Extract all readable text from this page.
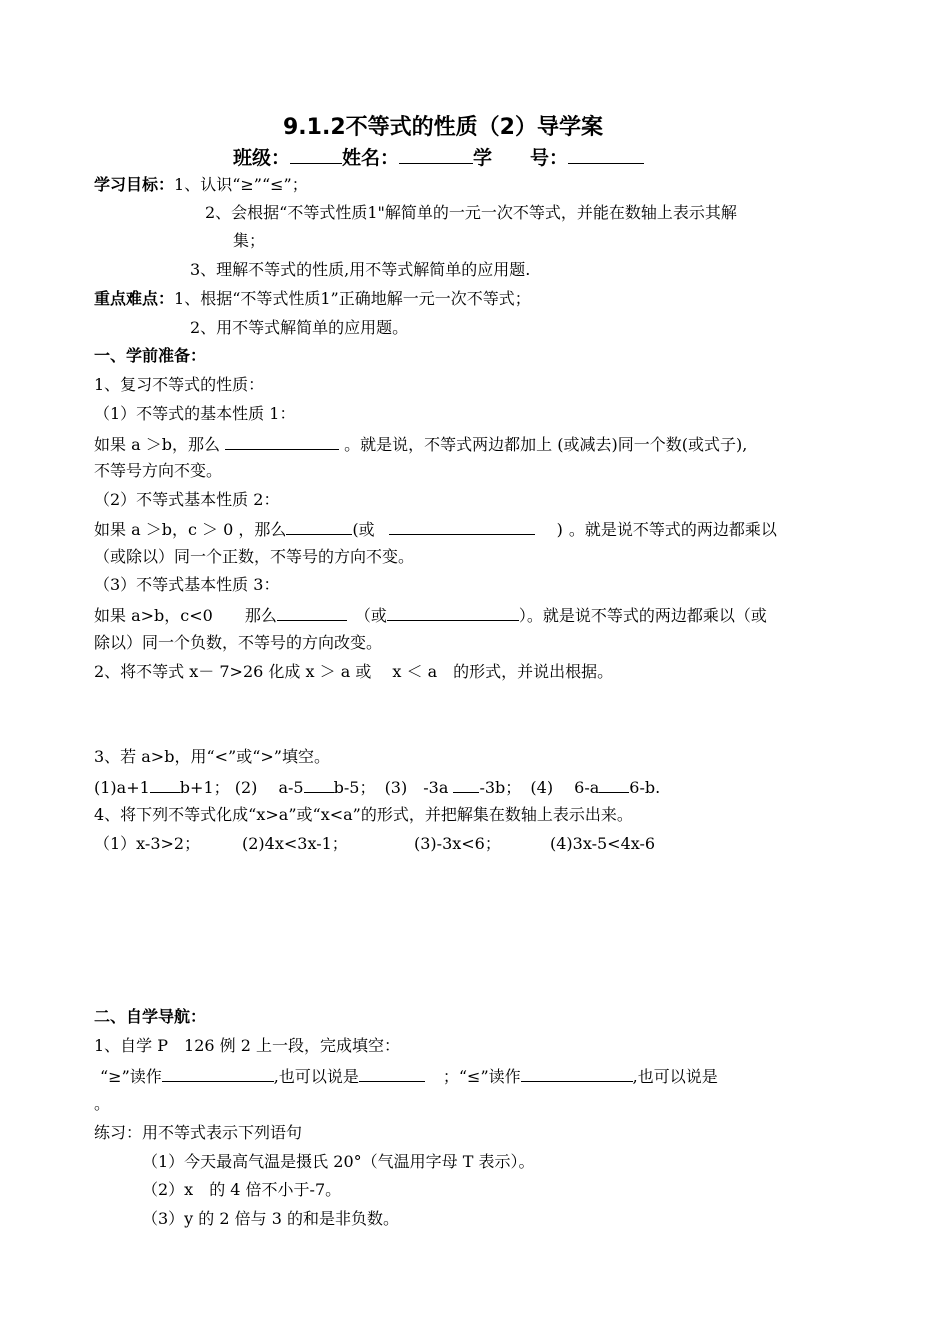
9.1.2不等式的性质（2）导学案
班级：	姓名：	学 号：
学习目标：1、认识“≥”“≤”；
2、会根据“不等式性质1"解简单的一元一次不等式，并能在数轴上表示其解
集；
3、理解不等式的性质,用不等式解简单的应用题.
重点难点：1、根据“不等式性质1”正确地解一元一次不等式；
2、用不等式解简单的应用题。
一、学前准备：
1、复习不等式的性质：
（1）不等式的基本性质 1：
如果 a ＞b，那么	。就是说，不等式两边都加上 (或减去)同一个数(或式子),
不等号方向不变。
（2）不等式基本性质 2：
如果 a ＞b，c ＞ 0 ，那么	(或	) 。就是说不等式的两边都乘以
（或除以）同一个正数，不等号的方向不变。
（3）不等式基本性质 3：
如果 a>b，c<0　　那么	（或	）。就是说不等式的两边都乘以（或
除以）同一个负数，不等号的方向改变。
2、将不等式 x－ 7>26 化成 x ＞ a 或　 x ＜ a　的形式，并说出根据。
3、若 a>b，用“<”或“>”填空。
(1)a+1 b+1； (2)　 a-5 b-5； (3)　-3a -3b； (4)　 6-a 6-b.
4、将下列不等式化成“x>a”或“x<a”的形式，并把解集在数轴上表示出来。
（1）x-3>2；	(2)4x<3x-1；	(3)-3x<6；	(4)3x-5<4x-6
二、自学导航：
1、自学 P　126 例 2 上一段，完成填空：
“≥”读作	,也可以说是	；“≤”读作	,也可以说是
。
练习：用不等式表示下列语句
（1）今天最高气温是摄氏 20°（气温用字母 T 表示）。
（2）x　的 4 倍不小于-7。
（3）y 的 2 倍与 3 的和是非负数。
